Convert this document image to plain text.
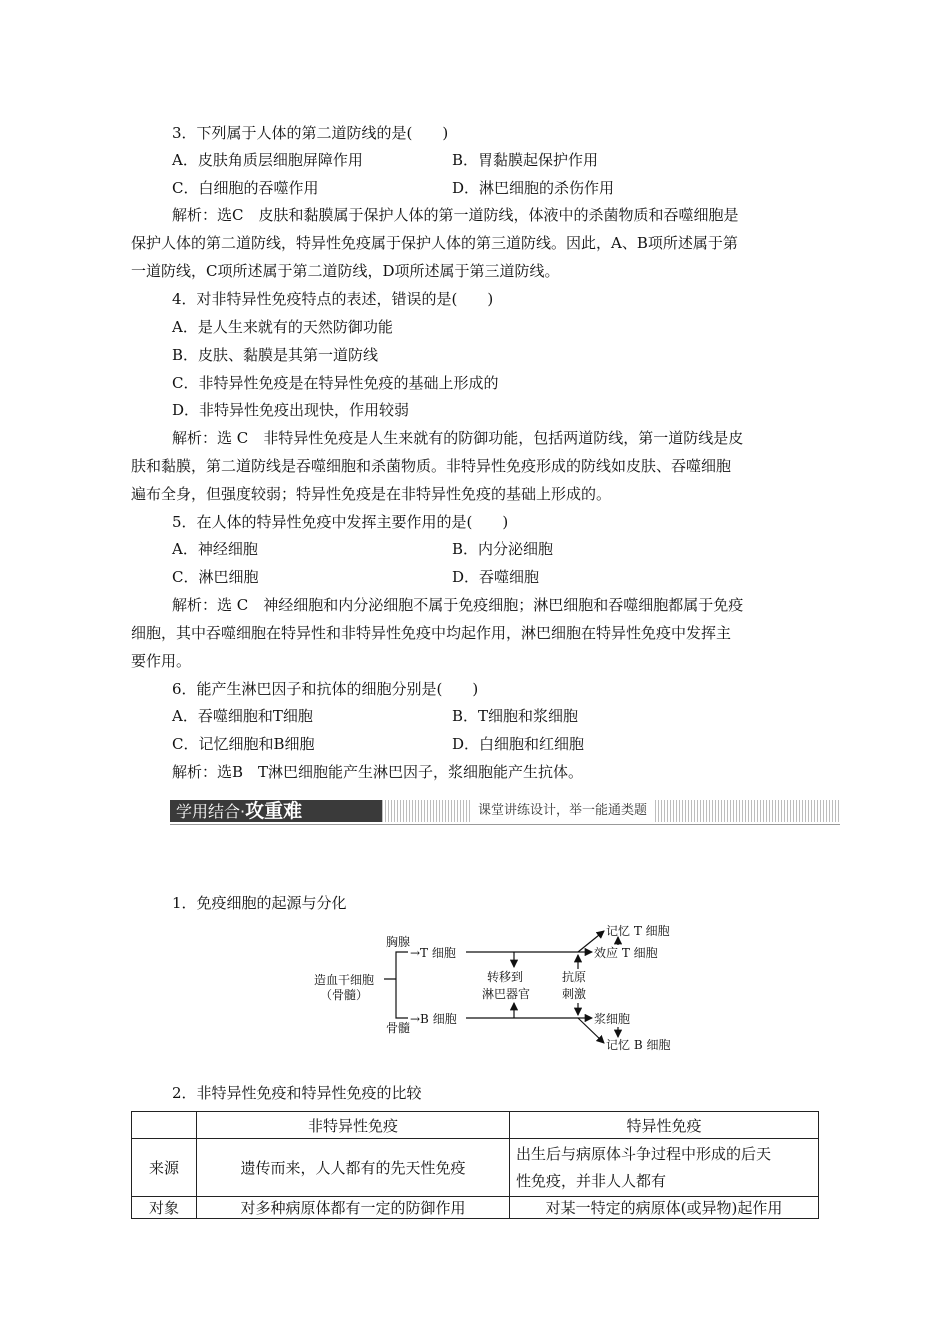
3．下列属于人体的第二道防线的是(　　)
A．皮肤角质层细胞屏障作用	B．胃黏膜起保护作用
C．白细胞的吞噬作用	D．淋巴细胞的杀伤作用
解析：选C　皮肤和黏膜属于保护人体的第一道防线，体液中的杀菌物质和吞噬细胞是
保护人体的第二道防线，特异性免疫属于保护人体的第三道防线。因此，A、B项所述属于第
一道防线，C项所述属于第二道防线，D项所述属于第三道防线。
4．对非特异性免疫特点的表述，错误的是(　　)
A．是人生来就有的天然防御功能
B．皮肤、黏膜是其第一道防线
C．非特异性免疫是在特异性免疫的基础上形成的
D．非特异性免疫出现快，作用较弱
解析：选 C　非特异性免疫是人生来就有的防御功能，包括两道防线，第一道防线是皮
肤和黏膜，第二道防线是吞噬细胞和杀菌物质。非特异性免疫形成的防线如皮肤、吞噬细胞
遍布全身，但强度较弱；特异性免疫是在非特异性免疫的基础上形成的。
5．在人体的特异性免疫中发挥主要作用的是(　　)
A．神经细胞	B．内分泌细胞
C．淋巴细胞	D．吞噬细胞
解析：选 C　神经细胞和内分泌细胞不属于免疫细胞；淋巴细胞和吞噬细胞都属于免疫
细胞，其中吞噬细胞在特异性和非特异性免疫中均起作用，淋巴细胞在特异性免疫中发挥主
要作用。
6．能产生淋巴因子和抗体的细胞分别是(　　)
A．吞噬细胞和T细胞	B．T细胞和浆细胞
C．记忆细胞和B细胞	D．白细胞和红细胞
解析：选B　T淋巴细胞能产生淋巴因子，浆细胞能产生抗体。
学用结合·攻重难	课堂讲练设计，举一能通类题
1．免疫细胞的起源与分化
造血干细胞
（骨髓）
胸腺
骨髓
→T 细胞
→B 细胞
转移到
淋巴器官
抗原
刺激
记忆 T 细胞
效应 T 细胞
浆细胞
记忆 B 细胞
2．非特异性免疫和特异性免疫的比较
	非特异性免疫	特异性免疫
来源	遗传而来，人人都有的先天性免疫	出生后与病原体斗争过程中形成的后天
性免疫，并非人人都有

对象	对多种病原体都有一定的防御作用	对某一特定的病原体(或异物)起作用
